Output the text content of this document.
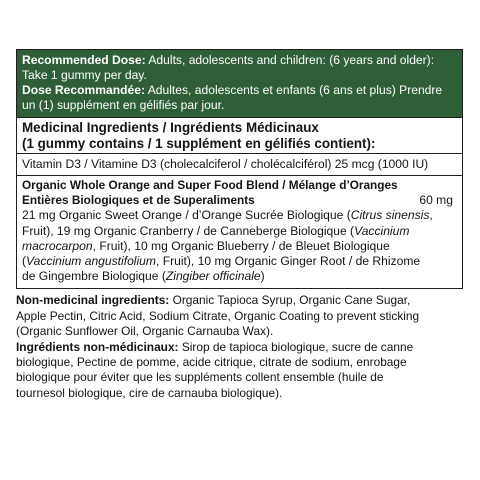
Recommended Dose: Adults, adolescents and children: (6 years and older):
Take 1 gummy per day.
Dose Recommandée: Adultes, adolescents et enfants (6 ans et plus) Prendre
un (1) supplément en gélifiés par jour.
Medicinal Ingredients / Ingrédients Médicinaux
(1 gummy contains / 1 supplément en gélifiés contient):
Vitamin D3 / Vitamine D3 (cholecalciferol / cholécalciférol) 25 mcg (1000 IU)
Organic Whole Orange and Super Food Blend / Mélange d’Oranges
Entières Biologiques et de Superaliments	60 mg
21 mg Organic Sweet Orange / d’Orange Sucrée Biologique (Citrus sinensis,
Fruit), 19 mg Organic Cranberry / de Canneberge Biologique (Vaccinium
macrocarpon, Fruit), 10 mg Organic Blueberry / de Bleuet Biologique
(Vaccinium angustifolium, Fruit), 10 mg Organic Ginger Root / de Rhizome
de Gingembre Biologique (Zingiber officinale)

Non-medicinal ingredients: Organic Tapioca Syrup, Organic Cane Sugar,

Apple Pectin, Citric Acid, Sodium Citrate, Organic Coating to prevent sticking

(Organic Sunflower Oil, Organic Carnauba Wax).

Ingrédients non-médicinaux: Sirop de tapioca biologique, sucre de canne

biologique, Pectine de pomme, acide citrique, citrate de sodium, enrobage

biologique pour éviter que les suppléments collent ensemble (huile de

tournesol biologique, cire de carnauba biologique).
